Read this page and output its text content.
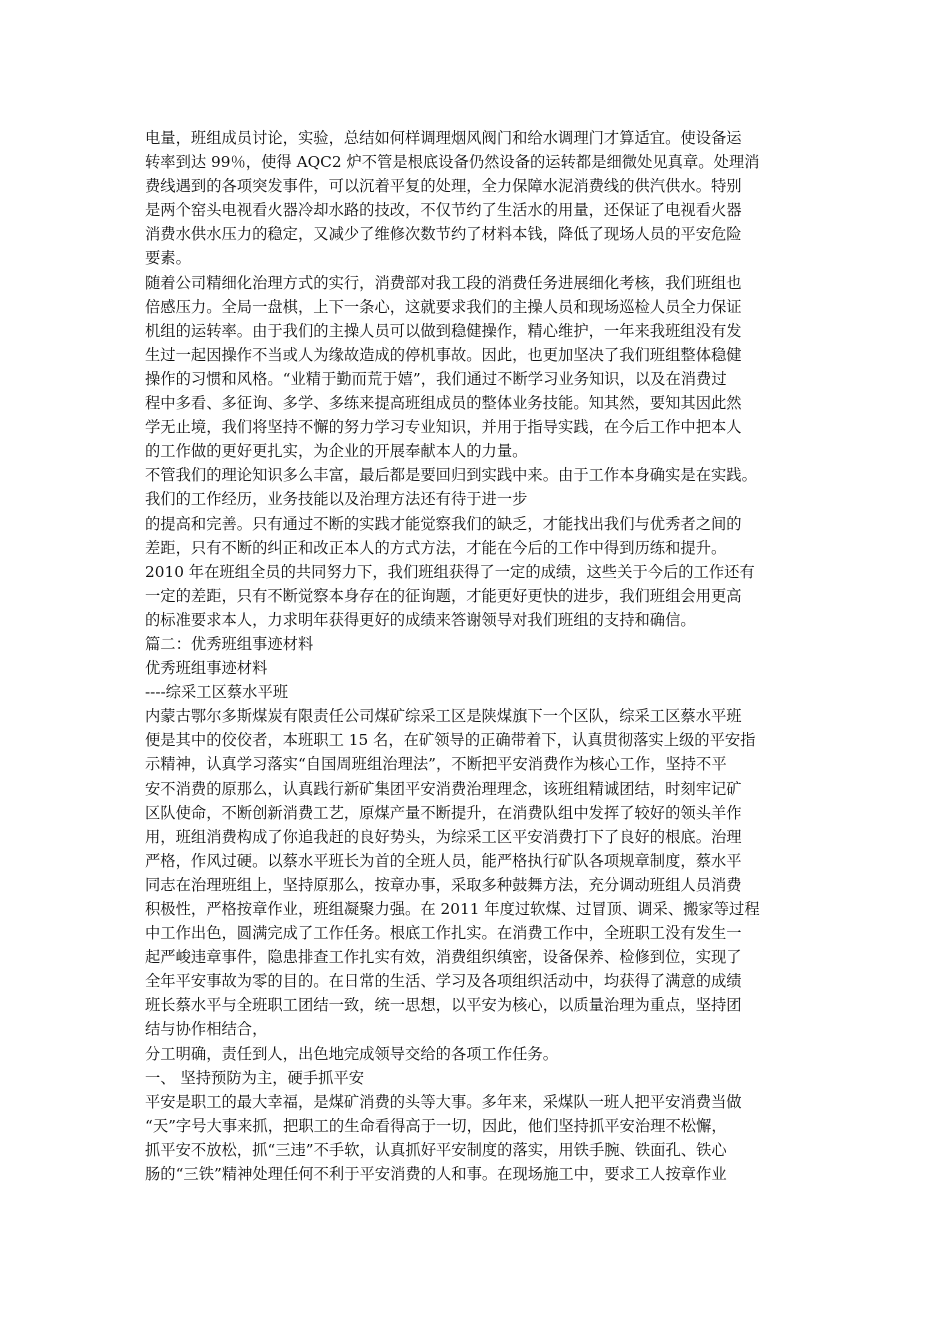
电量，班组成员讨论，实验，总结如何样调理烟风阀门和给水调理门才算适宜。使设备运
转率到达 99％，使得 AQC2 炉不管是根底设备仍然设备的运转都是细微处见真章。处理消
费线遇到的各项突发事件，可以沉着平复的处理，全力保障水泥消费线的供汽供水。特别
是两个窑头电视看火器冷却水路的技改，不仅节约了生活水的用量，还保证了电视看火器
消费水供水压力的稳定，又减少了维修次数节约了材料本钱，降低了现场人员的平安危险
要素。
随着公司精细化治理方式的实行，消费部对我工段的消费任务进展细化考核，我们班组也
倍感压力。全局一盘棋，上下一条心，这就要求我们的主操人员和现场巡检人员全力保证
机组的运转率。由于我们的主操人员可以做到稳健操作，精心维护，一年来我班组没有发
生过一起因操作不当或人为缘故造成的停机事故。因此，也更加坚决了我们班组整体稳健
操作的习惯和风格。“业精于勤而荒于嬉”，我们通过不断学习业务知识，以及在消费过
程中多看、多征询、多学、多练来提高班组成员的整体业务技能。知其然，要知其因此然
学无止境，我们将坚持不懈的努力学习专业知识，并用于指导实践，在今后工作中把本人
的工作做的更好更扎实，为企业的开展奉献本人的力量。
不管我们的理论知识多么丰富，最后都是要回归到实践中来。由于工作本身确实是在实践。
我们的工作经历，业务技能以及治理方法还有待于进一步
的提高和完善。只有通过不断的实践才能觉察我们的缺乏，才能找出我们与优秀者之间的
差距，只有不断的纠正和改正本人的方式方法，才能在今后的工作中得到历练和提升。
2010 年在班组全员的共同努力下，我们班组获得了一定的成绩，这些关于今后的工作还有
一定的差距，只有不断觉察本身存在的征询题，才能更好更快的进步，我们班组会用更高
的标准要求本人，力求明年获得更好的成绩来答谢领导对我们班组的支持和确信。
篇二：优秀班组事迹材料
优秀班组事迹材料
----综采工区蔡水平班
内蒙古鄂尔多斯煤炭有限责任公司煤矿综采工区是陕煤旗下一个区队，综采工区蔡水平班
便是其中的佼佼者，本班职工 15 名，在矿领导的正确带着下，认真贯彻落实上级的平安指
示精神，认真学习落实“自国周班组治理法”，不断把平安消费作为核心工作，坚持不平
安不消费的原那么，认真践行新矿集团平安消费治理理念，该班组精诚团结，时刻牢记矿
区队使命，不断创新消费工艺，原煤产量不断提升，在消费队组中发挥了较好的领头羊作
用，班组消费构成了你追我赶的良好势头，为综采工区平安消费打下了良好的根底。治理
严格，作风过硬。以蔡水平班长为首的全班人员，能严格执行矿队各项规章制度，蔡水平
同志在治理班组上，坚持原那么，按章办事，采取多种鼓舞方法，充分调动班组人员消费
积极性，严格按章作业，班组凝聚力强。在 2011 年度过软煤、过冒顶、调采、搬家等过程
中工作出色，圆满完成了工作任务。根底工作扎实。在消费工作中，全班职工没有发生一
起严峻违章事件，隐患排查工作扎实有效，消费组织缜密，设备保养、检修到位，实现了
全年平安事故为零的目的。在日常的生活、学习及各项组织活动中，均获得了满意的成绩
班长蔡水平与全班职工团结一致，统一思想，以平安为核心，以质量治理为重点，坚持团
结与协作相结合，
分工明确，责任到人，出色地完成领导交给的各项工作任务。
一、 坚持预防为主，硬手抓平安
平安是职工的最大幸福，是煤矿消费的头等大事。多年来，采煤队一班人把平安消费当做
“天”字号大事来抓，把职工的生命看得高于一切，因此，他们坚持抓平安治理不松懈，
抓平安不放松，抓“三违”不手软，认真抓好平安制度的落实，用铁手腕、铁面孔、铁心
肠的“三铁”精神处理任何不利于平安消费的人和事。在现场施工中，要求工人按章作业
